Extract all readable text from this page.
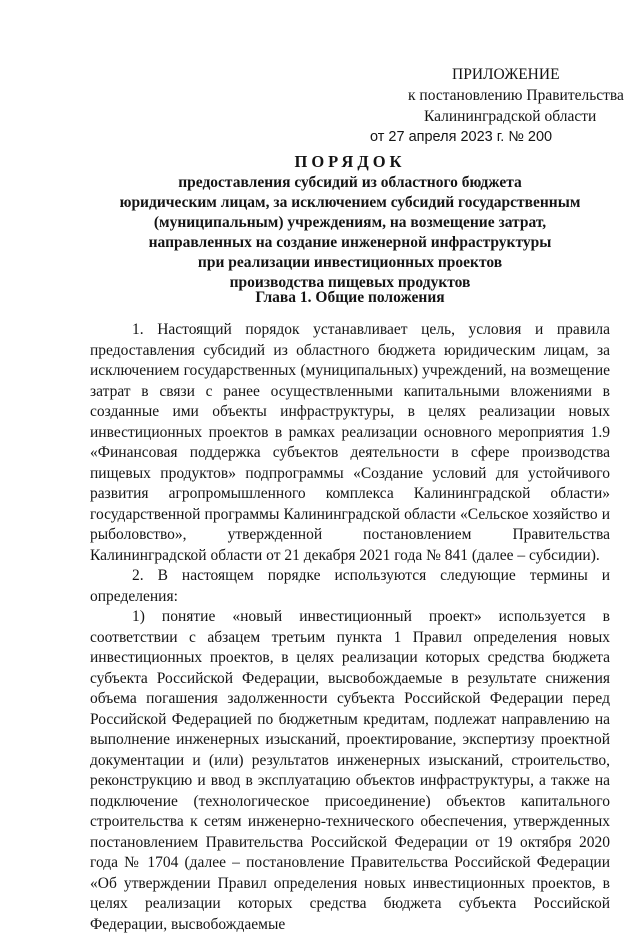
ПРИЛОЖЕНИЕ
к постановлению Правительства
Калининградской области
от 27 апреля 2023 г. № 200
ПОРЯДОК
предоставления субсидий из областного бюджета
юридическим лицам, за исключением субсидий государственным
(муниципальным) учреждениям, на возмещение затрат,
направленных на создание инженерной инфраструктуры
при реализации инвестиционных проектов
производства пищевых продуктов
Глава 1. Общие положения

1. Настоящий порядок устанавливает цель, условия и правила предоставления субсидий из областного бюджета юридическим лицам, за исключением государственных (муниципальных) учреждений, на возмещение затрат в связи с ранее осуществленными капитальными вложениями в созданные ими объекты инфраструктуры, в целях реализации новых инвестиционных проектов в рамках реализации основного мероприятия 1.9 «Финансовая поддержка субъектов деятельности в сфере производства пищевых продуктов» подпрограммы «Создание условий для устойчивого развития агропромышленного комплекса Калининградской области» государственной программы Калининградской области «Сельское хозяйство и рыболовство», утвержденной постановлением Правительства Калининградской области от 21 декабря 2021 года № 841 (далее – субсидии).

2. В настоящем порядке используются следующие термины и определения:

1) понятие «новый инвестиционный проект» используется в соответствии с абзацем третьим пункта 1 Правил определения новых инвестиционных проектов, в целях реализации которых средства бюджета субъекта Российской Федерации, высвобождаемые в результате снижения объема погашения задолженности субъекта Российской Федерации перед Российской Федерацией по бюджетным кредитам, подлежат направлению на выполнение инженерных изысканий, проектирование, экспертизу проектной документации и (или) результатов инженерных изысканий, строительство, реконструкцию и ввод в эксплуатацию объектов инфраструктуры, а также на подключение (технологическое присоединение) объектов капитального строительства к сетям инженерно-технического обеспечения, утвержденных постановлением Правительства Российской Федерации от 19 октября 2020 года № 1704 (далее – постановление Правительства Российской Федерации «Об утверждении Правил определения новых инвестиционных проектов, в целях реализации которых средства бюджета субъекта Российской Федерации, высвобождаемые
